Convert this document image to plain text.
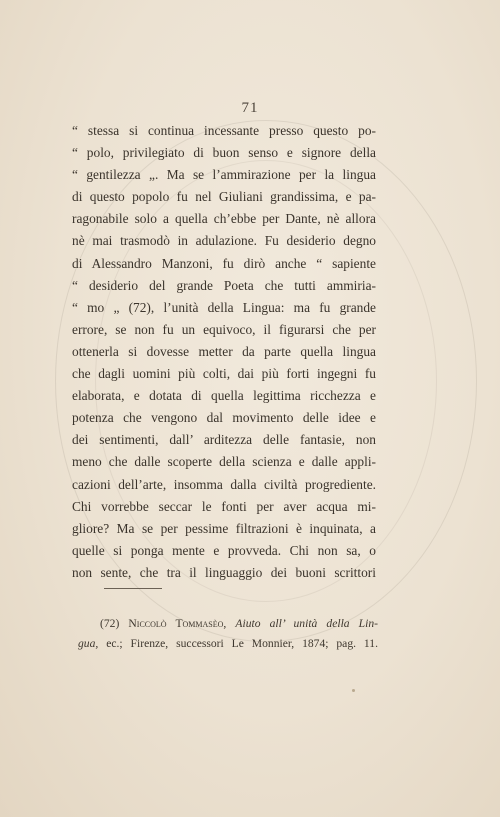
71
“ stessa si continua incessante presso questo po-
“ polo, privilegiato di buon senso e signore della
“ gentilezza „. Ma se l’ammirazione per la lingua
di questo popolo fu nel Giuliani grandissima, e pa-
ragonabile solo a quella ch’ebbe per Dante, nè allora
nè mai trasmodò in adulazione. Fu desiderio degno
di Alessandro Manzoni, fu dirò anche “ sapiente
“ desiderio del grande Poeta che tutti ammiria-
“ mo „ (72), l’unità della Lingua: ma fu grande
errore, se non fu un equivoco, il figurarsi che per
ottenerla si dovesse metter da parte quella lingua
che dagli uomini più colti, dai più forti ingegni fu
elaborata, e dotata di quella legittima ricchezza e
potenza che vengono dal movimento delle idee e
dei sentimenti, dall’ arditezza delle fantasie, non
meno che dalle scoperte della scienza e dalle appli-
cazioni dell’arte, insomma dalla civiltà progrediente.
Chi vorrebbe seccar le fonti per aver acqua mi-
gliore? Ma se per pessime filtrazioni è inquinata, a
quelle si ponga mente e provveda. Chi non sa, o
non sente, che tra il linguaggio dei buoni scrittori
(72) Niccolò Tommasèo, Aiuto all’ unità della Lin-
gua, ec.; Firenze, successori Le Monnier, 1874; pag. 11.
